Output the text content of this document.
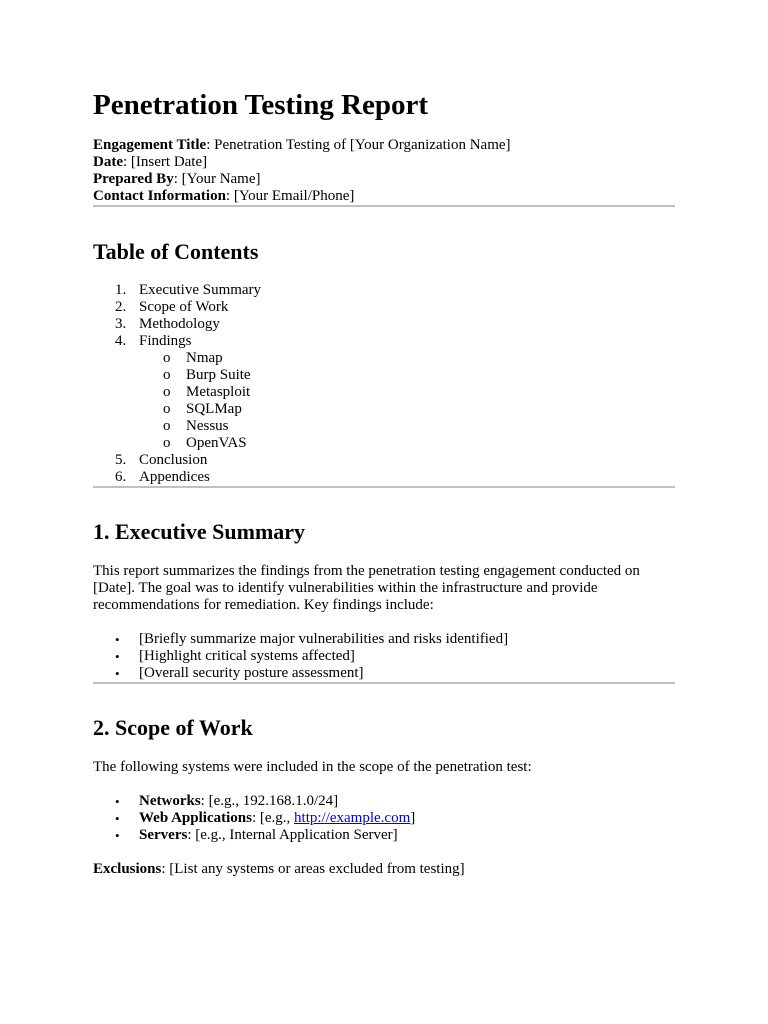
Penetration Testing Report
Engagement Title: Penetration Testing of [Your Organization Name]
Date: [Insert Date]
Prepared By: [Your Name]
Contact Information: [Your Email/Phone]
Table of Contents
1. Executive Summary
2. Scope of Work
3. Methodology
4. Findings
o Nmap
o Burp Suite
o Metasploit
o SQLMap
o Nessus
o OpenVAS
5. Conclusion
6. Appendices
1. Executive Summary

This report summarizes the findings from the penetration testing engagement conducted on [Date]. The goal was to identify vulnerabilities within the infrastructure and provide recommendations for remediation. Key findings include:

• [Briefly summarize major vulnerabilities and risks identified]
• [Highlight critical systems affected]
• [Overall security posture assessment]
2. Scope of Work

The following systems were included in the scope of the penetration test:

• Networks: [e.g., 192.168.1.0/24]
• Web Applications: [e.g., http://example.com]
• Servers: [e.g., Internal Application Server]

Exclusions: [List any systems or areas excluded from testing]
